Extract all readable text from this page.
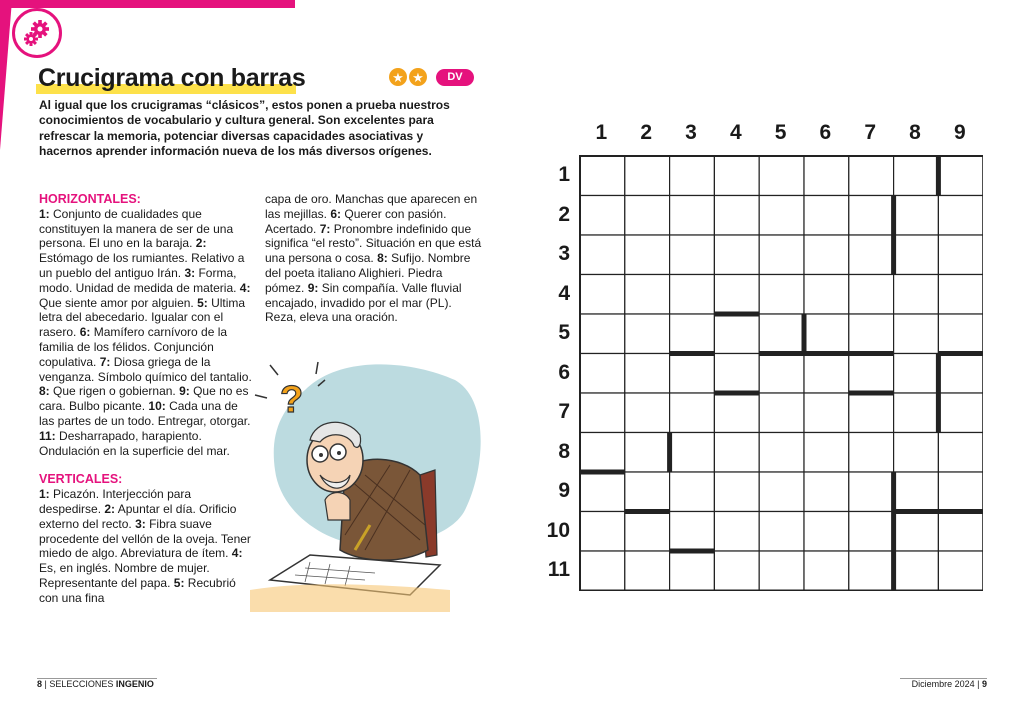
Crucigrama con barras	★ ★	DV

Al igual que los crucigramas “clásicos”, estos ponen a prueba nuestros conocimientos de vocabulario y cultura general. Son excelentes para refrescar la memoria, potenciar diversas capacidades asociativas y hacernos aprender información nueva de los más diversos orígenes.

HORIZONTALES:
1: Conjunto de cualidades que constituyen la manera de ser de una persona. El uno en la baraja. 2: Estómago de los rumiantes. Relativo a un pueblo del antiguo Irán. 3: Forma, modo. Unidad de medida de materia. 4: Que siente amor por alguien. 5: Ultima letra del abecedario. Igualar con el rasero. 6: Mamífero carnívoro de la familia de los félidos. Conjunción copulativa. 7: Diosa griega de la venganza. Símbolo químico del tantalio. 8: Que rigen o gobiernan. 9: Que no es cara. Bulbo picante. 10: Cada una de las partes de un todo. Entregar, otorgar. 11: Desharrapado, harapiento. Ondulación en la superficie del mar.
VERTICALES:
1: Picazón. Interjección para despedirse. 2: Apuntar el día. Orificio externo del recto. 3: Fibra suave procedente del vellón de la oveja. Tener miedo de algo. Abreviatura de ítem. 4: Es, en inglés. Nombre de mujer. Representante del papa. 5: Recubrió con una fina
capa de oro. Manchas que aparecen en las mejillas. 6: Querer con pasión. Acertado. 7: Pronombre indefinido que significa “el resto”. Situación en que está una persona o cosa. 8: Sufijo. Nombre del poeta italiano Alighieri. Piedra pómez. 9: Sin compañía. Valle fluvial encajado, invadido por el mar (PL). Reza, eleva una oración.
?
1	2	3	4	5	6	7	8	9
1
2
3
4
5
6
7
8
9
10
11
8 | SELECCIONES INGENIO	Diciembre 2024 | 9
